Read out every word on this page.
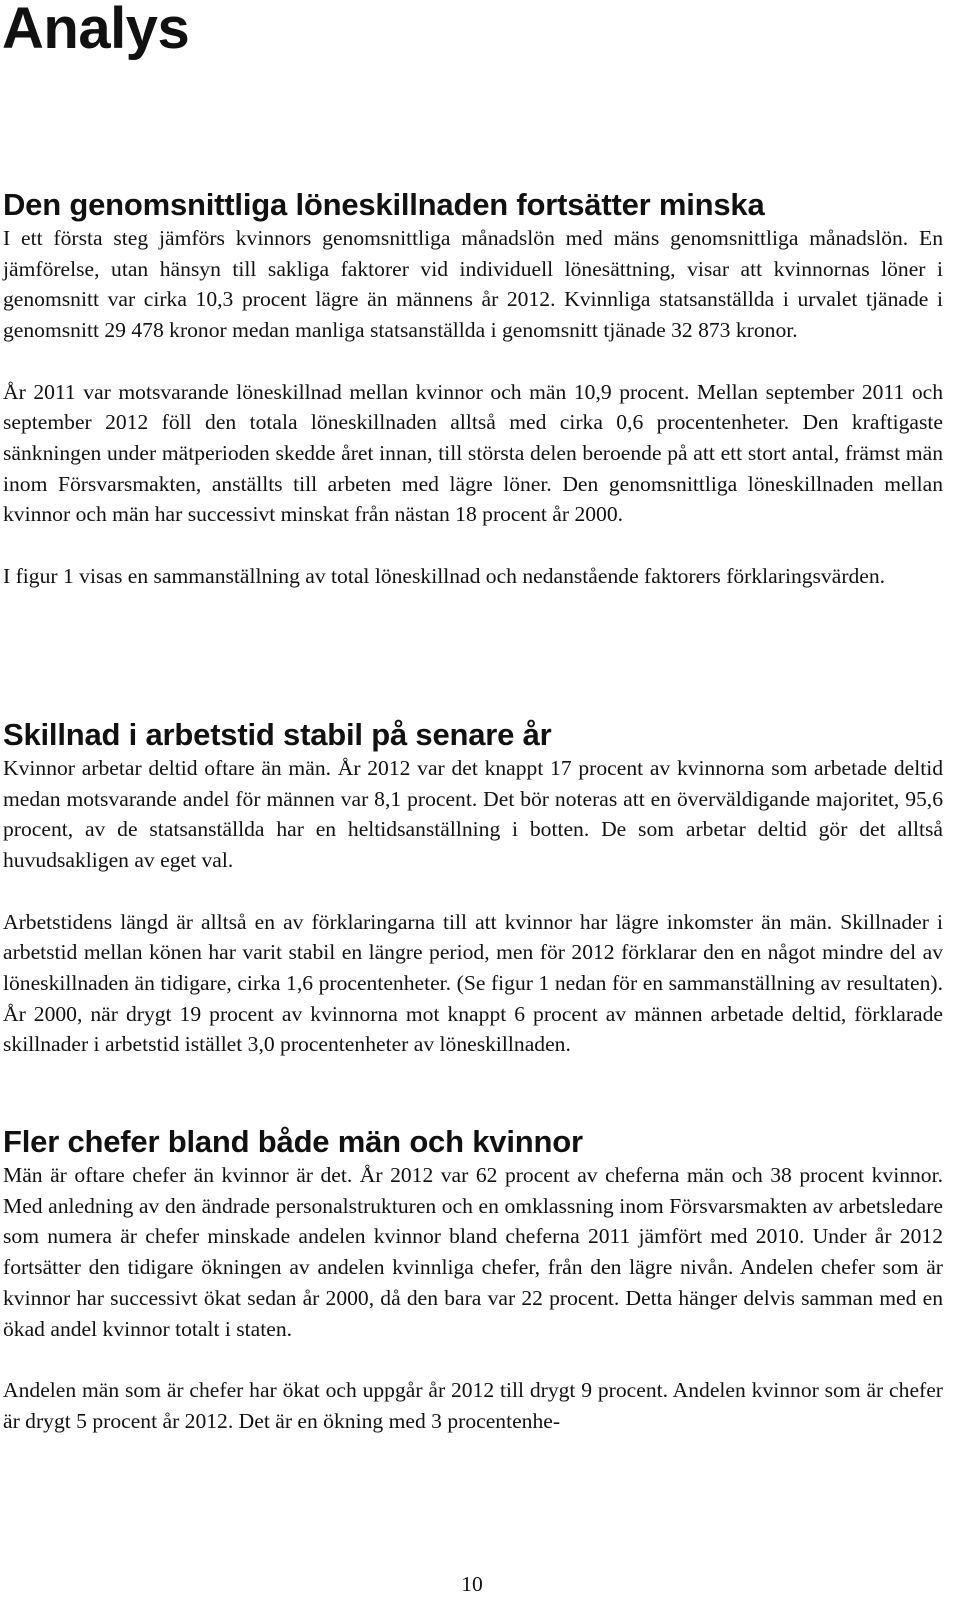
Analys
Den genomsnittliga löneskillnaden fortsätter minska

I ett första steg jämförs kvinnors genomsnittliga månadslön med mäns genomsnittliga månadslön. En jämförelse, utan hänsyn till sakliga faktorer vid individuell lönesättning, visar att kvinnornas löner i genomsnitt var cirka 10,3 procent lägre än männens år 2012. Kvinnliga statsanställda i urvalet tjänade i genomsnitt 29 478 kronor medan manliga statsanställda i genomsnitt tjänade 32 873 kronor.

År 2011 var motsvarande löneskillnad mellan kvinnor och män 10,9 procent. Mellan september 2011 och september 2012 föll den totala löneskillnaden alltså med cirka 0,6 procentenheter. Den kraftigaste sänkningen under mätperioden skedde året innan, till största delen beroende på att ett stort antal, främst män inom Försvarsmakten, anställts till arbeten med lägre löner. Den genomsnittliga löneskillnaden mellan kvinnor och män har successivt minskat från nästan 18 procent år 2000.

I figur 1 visas en sammanställning av total löneskillnad och nedanstående faktorers förklaringsvärden.

Skillnad i arbetstid stabil på senare år

Kvinnor arbetar deltid oftare än män. År 2012 var det knappt 17 procent av kvinnorna som arbetade deltid medan motsvarande andel för männen var 8,1 procent. Det bör noteras att en överväldigande majoritet, 95,6 procent, av de statsanställda har en heltidsanställning i botten. De som arbetar deltid gör det alltså huvudsakligen av eget val.

Arbetstidens längd är alltså en av förklaringarna till att kvinnor har lägre inkomster än män. Skillnader i arbetstid mellan könen har varit stabil en längre period, men för 2012 förklarar den en något mindre del av löneskillnaden än tidigare, cirka 1,6 procentenheter. (Se figur 1 nedan för en sammanställning av resultaten). År 2000, när drygt 19 procent av kvinnorna mot knappt 6 procent av männen arbetade deltid, förklarade skillnader i arbetstid istället 3,0 procentenheter av löneskillnaden.

Fler chefer bland både män och kvinnor

Män är oftare chefer än kvinnor är det. År 2012 var 62 procent av cheferna män och 38 procent kvinnor. Med anledning av den ändrade personalstrukturen och en omklassning inom Försvarsmakten av arbetsledare som numera är chefer minskade andelen kvinnor bland cheferna 2011 jämfört med 2010. Under år 2012 fortsätter den tidigare ökningen av andelen kvinnliga chefer, från den lägre nivån. Andelen chefer som är kvinnor har successivt ökat sedan år 2000, då den bara var 22 procent. Detta hänger delvis samman med en ökad andel kvinnor totalt i staten.

Andelen män som är chefer har ökat och uppgår år 2012 till drygt 9 procent. Andelen kvinnor som är chefer är drygt 5 procent år 2012. Det är en ökning med 3 procentenhe-

10
